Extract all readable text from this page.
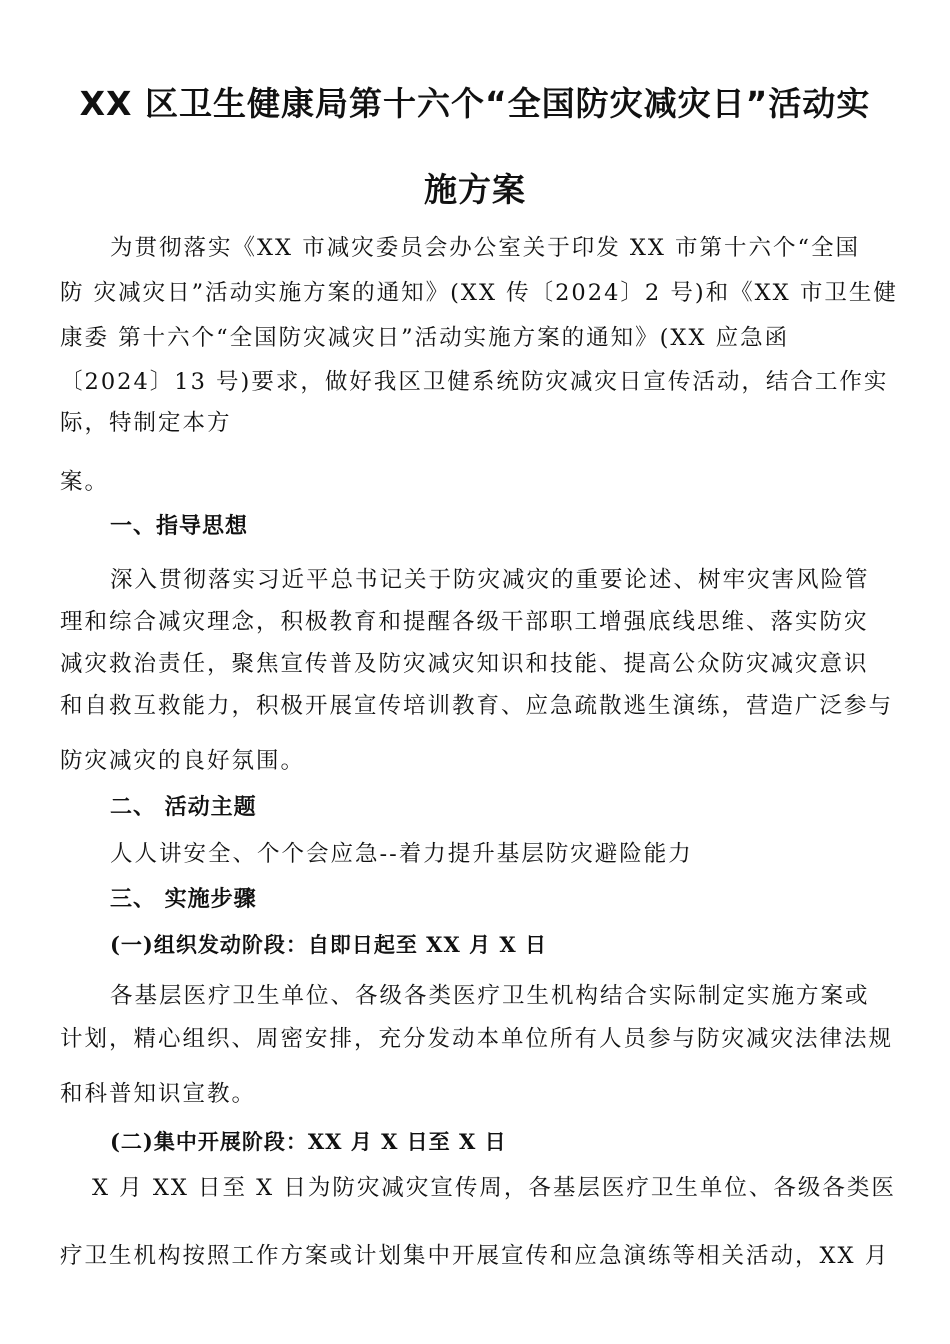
XX 区卫生健康局第十六个“全国防灾减灾日”活动实
施方案
为贯彻落实《XX 市减灾委员会办公室关于印发 XX 市第十六个“全国
防 灾减灾日”活动实施方案的通知》(XX 传〔2024〕2 号)和《XX 市卫生健
康委 第十六个“全国防灾减灾日”活动实施方案的通知》(XX 应急函
〔2024〕13 号)要求，做好我区卫健系统防灾减灾日宣传活动，结合工作实
际，特制定本方
案。
一、指导思想
深入贯彻落实习近平总书记关于防灾减灾的重要论述、树牢灾害风险管
理和综合减灾理念，积极教育和提醒各级干部职工增强底线思维、落实防灾
减灾救治责任，聚焦宣传普及防灾减灾知识和技能、提高公众防灾减灾意识
和自救互救能力，积极开展宣传培训教育、应急疏散逃生演练，营造广泛参与
防灾减灾的良好氛围。
二、 活动主题
人人讲安全、个个会应急--着力提升基层防灾避险能力
三、 实施步骤
(一)组织发动阶段：自即日起至 XX 月 X 日
各基层医疗卫生单位、各级各类医疗卫生机构结合实际制定实施方案或
计划，精心组织、周密安排，充分发动本单位所有人员参与防灾减灾法律法规
和科普知识宣教。
(二)集中开展阶段：XX 月 X 日至 X 日
X 月 XX 日至 X 日为防灾减灾宣传周，各基层医疗卫生单位、各级各类医
疗卫生机构按照工作方案或计划集中开展宣传和应急演练等相关活动，XX 月
